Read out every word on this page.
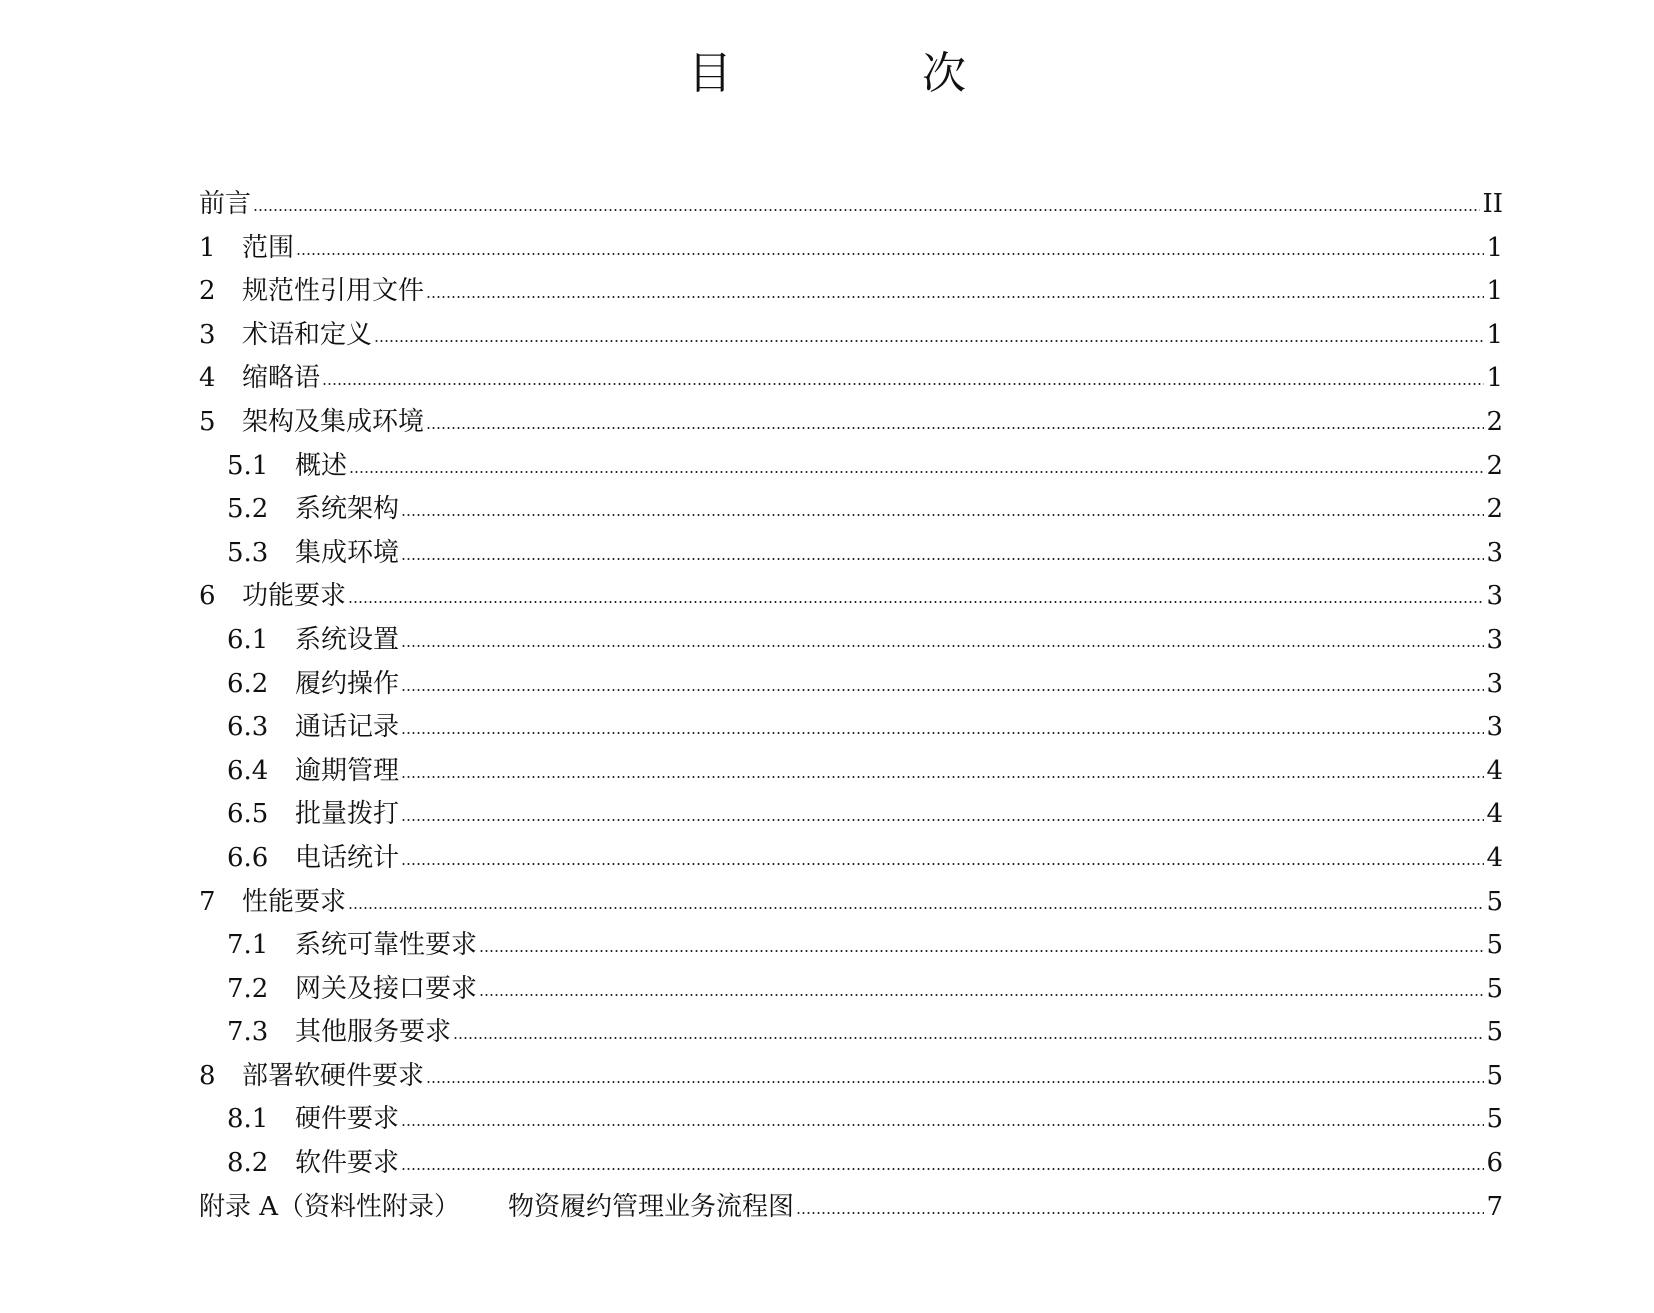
目 次
前言	II
1	范围	1
2	规范性引用文件	1
3	术语和定义	1
4	缩略语	1
5	架构及集成环境	2
5.1	概述	2
5.2	系统架构	2
5.3	集成环境	3
6	功能要求	3
6.1	系统设置	3
6.2	履约操作	3
6.3	通话记录	3
6.4	逾期管理	4
6.5	批量拨打	4
6.6	电话统计	4
7	性能要求	5
7.1	系统可靠性要求	5
7.2	网关及接口要求	5
7.3	其他服务要求	5
8	部署软硬件要求	5
8.1	硬件要求	5
8.2	软件要求	6
附录 A（资料性附录）	物资履约管理业务流程图	7
